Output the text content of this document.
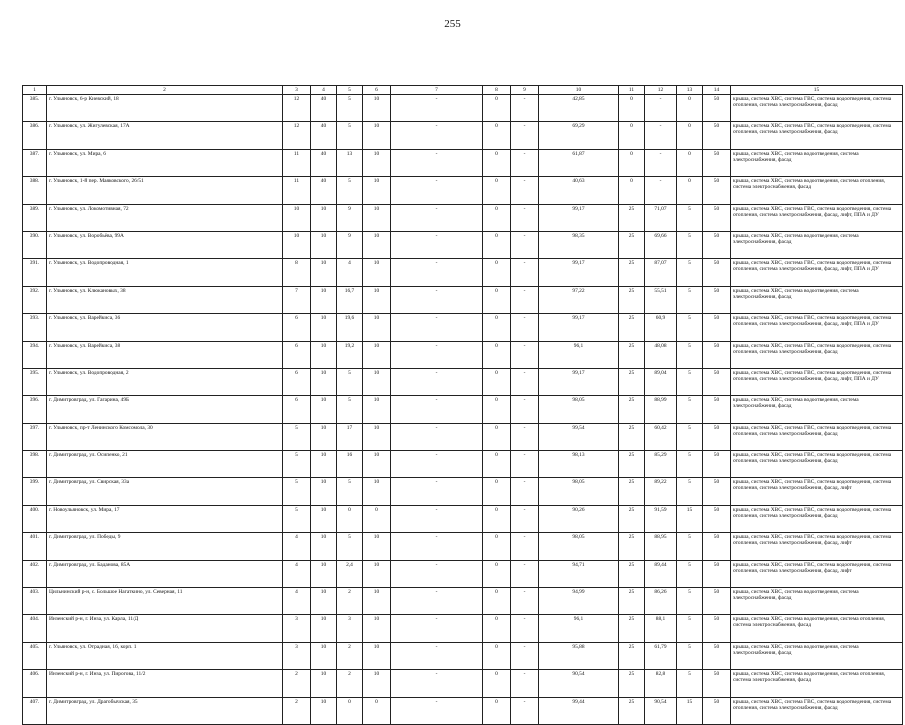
255
1	2	3	4	5	6	7	8	9	10	11	12	13	14	15
385.	г. Ульяновск, 6-р Киевский, 18	12	40	5	10	-	0	-	42,85	0	-	0	50	крыша, система ХВС, система ГВС, система водоотведения, система отопления, система электроснабжения, фасад
386.	г. Ульяновск, ул. Жигулевская, 17А	12	40	5	10	-	0	-	69,29	0	-	0	50	крыша, система ХВС, система ГВС, система водоотведения, система отопления, система электроснабжения, фасад
387.	г. Ульяновск, ул. Мира, 6	11	40	13	10	-	0	-	61,87	0	-	0	50	крыша, система ХВС, система водоотведения, система электроснабжения, фасад
388.	г. Ульяновск, 1-й пер. Маяковского, 26/51	11	40	5	10	-	0	-	40,63	0	-	0	50	крыша, система ХВС, система водоотведения, система отопления, система электроснабжения, фасад
389.	г. Ульяновск, ул. Локомотивная, 72	10	10	9	10	-	0	-	99,17	25	71,07	5	50	крыша, система ХВС, система ГВС, система водоотведения, система отопления, система электроснабжения, фасад, лифт, ППА и ДУ
390.	г. Ульяновск, ул. Воробьёва, 99А	10	10	9	10	-	0	-	98,35	25	69,66	5	50	крыша, система ХВС, система водоотведения, система электроснабжения, фасад
391.	г. Ульяновск, ул. Водопроводная, 1	8	10	4	10	-	0	-	99,17	25	87,07	5	50	крыша, система ХВС, система ГВС, система водоотведения, система отопления, система электроснабжения, фасад, лифт, ППА и ДУ
392.	г. Ульяновск, ул. Клюкановых, 38	7	10	16,7	10	-	0	-	97,22	25	55,51	5	50	крыша, система ХВС, система водоотведения, система электроснабжения, фасад
393.	г. Ульяновск, ул. Варейкиса, 36	6	10	19,6	10	-	0	-	99,17	25	60,9	5	50	крыша, система ХВС, система ГВС, система водоотведения, система отопления, система электроснабжения, фасад, лифт, ППА и ДУ
394.	г. Ульяновск, ул. Варейкиса, 38	6	10	19,2	10	-	0	-	96,1	25	48,08	5	50	крыша, система ХВС, система ГВС, система водоотведения, система отопления, система электроснабжения, фасад
395.	г. Ульяновск, ул. Водопроводная, 2	6	10	5	10	-	0	-	99,17	25	89,04	5	50	крыша, система ХВС, система ГВС, система водоотведения, система отопления, система электроснабжения, фасад, лифт, ППА и ДУ
396.	г. Димитровград, ул. Гагарина, 49Б	6	10	5	10	-	0	-	98,05	25	88,99	5	50	крыша, система ХВС, система водоотведения, система электроснабжения, фасад
397.	г. Ульяновск, пр-т Ленинского Комсомола, 30	5	10	17	10	-	0	-	99,54	25	60,42	5	50	крыша, система ХВС, система ГВС, система водоотведения, система отопления, система электроснабжения, фасад
398.	г. Димитровград, ул. Осипенко, 21	5	10	16	10	-	0	-	98,13	25	85,29	5	50	крыша, система ХВС, система ГВС, система водоотведения, система отопления, система электроснабжения, фасад
399.	г. Димитровград, ул. Свирская, 33а	5	10	5	10	-	0	-	98,05	25	89,22	5	50	крыша, система ХВС, система ГВС, система водоотведения, система отопления, система электроснабжения, фасад, лифт
400.	г. Новоульяновск, ул. Мира, 17	5	10	0	0	-	0	-	90,26	25	91,59	15	50	крыша, система ХВС, система ГВС, система водоотведения, система отопления, система электроснабжения, фасад
401.	г. Димитровград, ул. Победы, 9	4	10	5	10	-	0	-	98,05	25	88,95	5	50	крыша, система ХВС, система ГВС, система водоотведения, система отопления, система электроснабжения, фасад, лифт
402.	г. Димитровград, ул. Баданова, 85А	4	10	2,4	10	-	0	-	94,71	25	89,44	5	50	крыша, система ХВС, система ГВС, система водоотведения, система отопления, система электроснабжения, фасад, лифт
403.	Цильнинский р-н, с. Большое Нагаткино, ул. Северная, 11	4	10	2	10	-	0	-	94,99	25	86,26	5	50	крыша, система ХВС, система водоотведения, система электроснабжения, фасад
404.	Инзенский р-н, г. Инза, ул. Карла, 11/Д	3	10	3	10	-	0	-	96,1	25	88,1	5	50	крыша, система ХВС, система водоотведения, система отопления, система электроснабжения, фасад
405.	г. Ульяновск, ул. Отрадная, 16, корп. 1	3	10	2	10	-	0	-	95,88	25	61,79	5	50	крыша, система ХВС, система водоотведения, система электроснабжения, фасад
406.	Инзенский р-н, г. Инза, ул. Пирогова, 11/2	2	10	2	10	-	0	-	90,54	25	82,8	5	50	крыша, система ХВС, система водоотведения, система отопления, система электроснабжения, фасад
407.	г. Димитровград, ул. Драгобычская, 35	2	10	0	0	-	0	-	99,44	25	90,54	15	50	крыша, система ХВС, система ГВС, система водоотведения, система отопления, система электроснабжения, фасад
